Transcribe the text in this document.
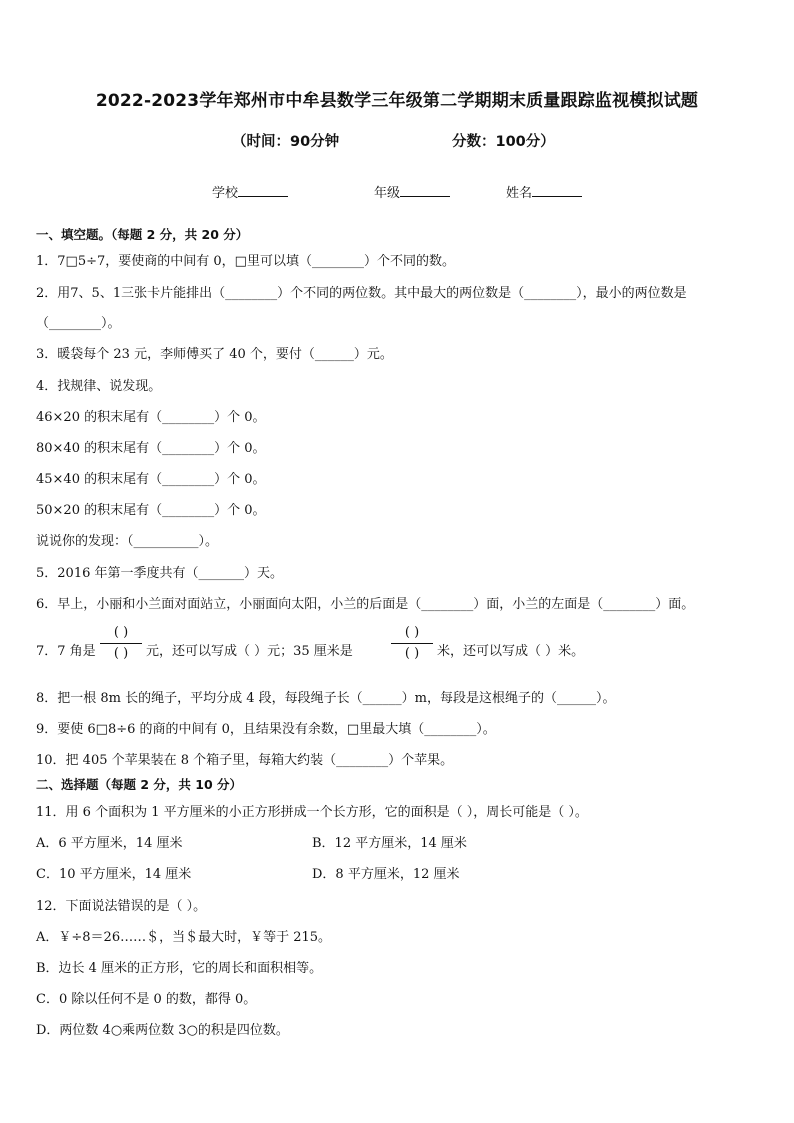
2022-2023学年郑州市中牟县数学三年级第二学期期末质量跟踪监视模拟试题
（时间：90分钟	分数：100分）
学校	年级	姓名
一、填空题。（每题 2 分，共 20 分）
1．7□5÷7，要使商的中间有 0，□里可以填（________）个不同的数。
2．用7、5、1三张卡片能排出（________）个不同的两位数。其中最大的两位数是（________），最小的两位数是
（________）。
3．暖袋每个 23 元，李师傅买了 40 个，要付（______）元。
4．找规律、说发现。
46×20 的积末尾有（________）个 0。
80×40 的积末尾有（________）个 0。
45×40 的积末尾有（________）个 0。
50×20 的积末尾有（________）个 0。
说说你的发现：（__________）。
5．2016 年第一季度共有（_______）天。
6．早上，小丽和小兰面对面站立，小丽面向太阳，小兰的后面是（________）面，小兰的左面是（________）面。
7．7 角是
( )
( ) 元，还可以写成（ ）元；35 厘米是
( )
( ) 米，还可以写成（ ）米。
8．把一根 8m 长的绳子，平均分成 4 段，每段绳子长（______）m，每段是这根绳子的（______）。
9．要使 6□8÷6 的商的中间有 0，且结果没有余数，□里最大填（________）。
10．把 405 个苹果装在 8 个箱子里，每箱大约装（________）个苹果。
二、选择题（每题 2 分，共 10 分）
11．用 6 个面积为 1 平方厘米的小正方形拼成一个长方形，它的面积是（ ），周长可能是（ ）。
A．6 平方厘米，14 厘米	B．12 平方厘米，14 厘米
C．10 平方厘米，14 厘米	D．8 平方厘米，12 厘米
12．下面说法错误的是（ ）。
A．￥÷8＝26……＄，当＄最大时，￥等于 215。
B．边长 4 厘米的正方形，它的周长和面积相等。
C．0 除以任何不是 0 的数，都得 0。
D．两位数 4○乘两位数 3○的积是四位数。
